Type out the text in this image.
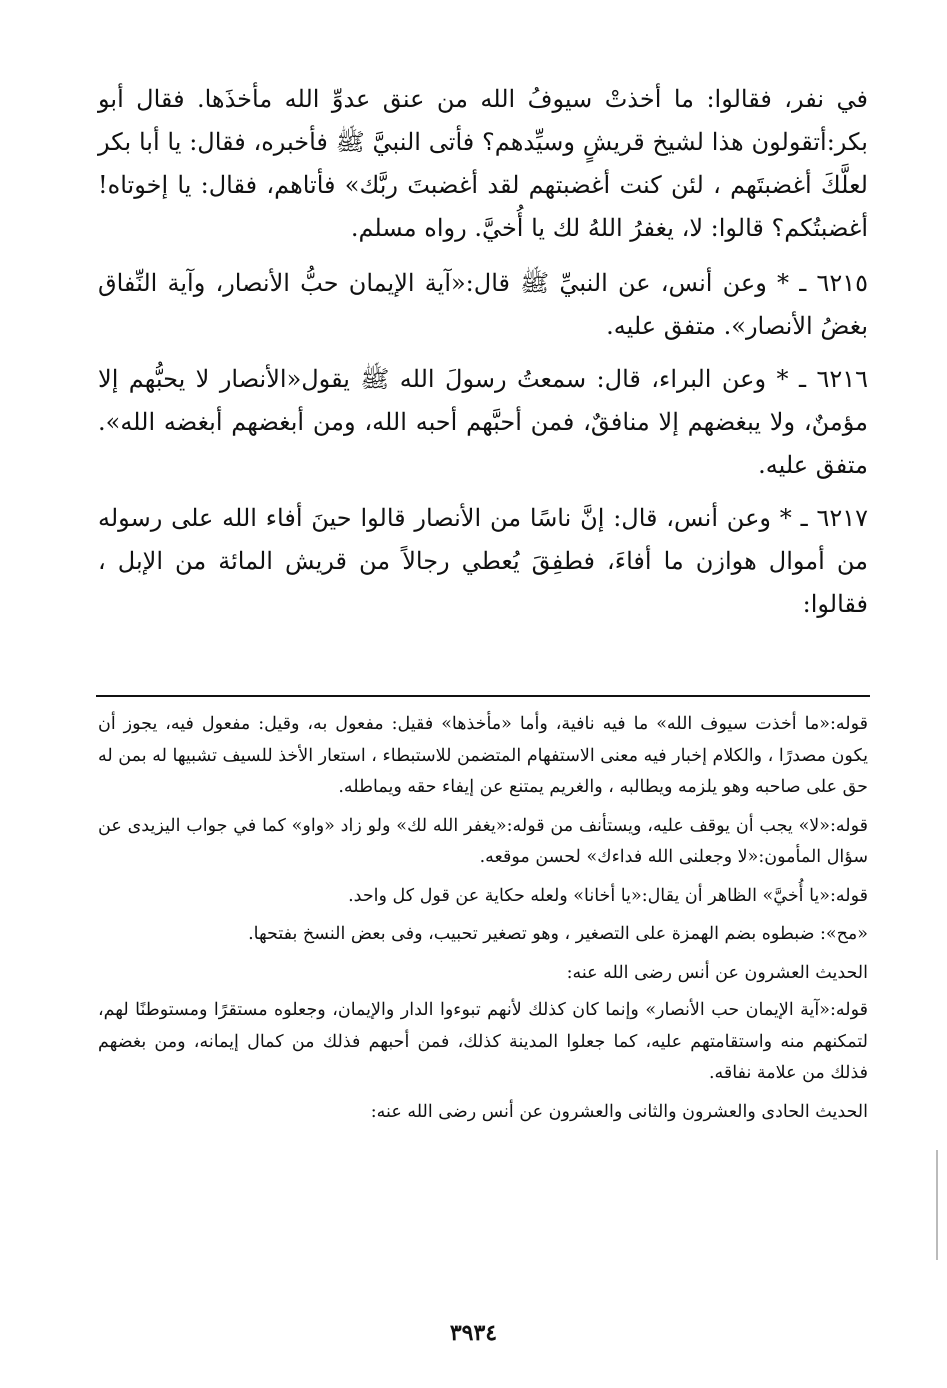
في نفر، فقالوا: ما أخذتْ سيوفُ الله من عنق عدوِّ الله مأخذَها. فقال أبو بكر:أتقولون هذا لشيخ قريشٍ وسيِّدهم؟ فأتى النبيَّ ﷺ فأخبره، فقال: يا أبا بكر لعلَّكَ أغضبتَهم ، لئن كنت أغضبتهم لقد أغضبتَ ربَّك» فأتاهم، فقال: يا إخوتاه! أغضبتُكم؟ قالوا: لا، يغفرُ اللهُ لك يا أُخيَّ. رواه مسلم.

٦٢١٥ ـ * وعن أنس، عن النبيِّ ﷺ قال:«آية الإيمان حبُّ الأنصار، وآية النِّفاق بغضُ الأنصار». متفق عليه.

٦٢١٦ ـ * وعن البراء، قال: سمعتُ رسولَ الله ﷺ يقول«الأنصار لا يحبُّهم إلا مؤمنٌ، ولا يبغضهم إلا منافقٌ، فمن أحبَّهم أحبه الله، ومن أبغضهم أبغضه الله». متفق عليه.

٦٢١٧ ـ * وعن أنس، قال: إنَّ ناسًا من الأنصار قالوا حينَ أفاء الله على رسوله من أموال هوازن ما أفاءَ، فطفِقَ يُعطي رجالاً من قريش المائة من الإبل ، فقالوا:

قوله:«ما أخذت سيوف الله» ما فيه نافية، وأما «مأخذها» فقيل: مفعول به، وقيل: مفعول فيه، يجوز أن يكون مصدرًا ، والكلام إخبار فيه معنى الاستفهام المتضمن للاستبطاء ، استعار الأخذ للسيف تشبيها له بمن له حق على صاحبه وهو يلزمه ويطالبه ، والغريم يمتنع عن إيفاء حقه ويماطله.

قوله:«لا» يجب أن يوقف عليه، ويستأنف من قوله:«يغفر الله لك» ولو زاد «واو» كما في جواب اليزيدى عن سؤال المأمون:«لا وجعلنى الله فداءك» لحسن موقعه.

قوله:«يا أُخيَّ» الظاهر أن يقال:«يا أخانا» ولعله حكاية عن قول كل واحد.

«مح»: ضبطوه بضم الهمزة على التصغير ، وهو تصغير تحبيب، وفى بعض النسخ بفتحها.

الحديث العشرون عن أنس رضى الله عنه:

قوله:«آية الإيمان حب الأنصار» وإنما كان كذلك لأنهم تبوءوا الدار والإيمان، وجعلوه مستقرًا ومستوطنًا لهم، لتمكنهم منه واستقامتهم عليه، كما جعلوا المدينة كذلك، فمن أحبهم فذلك من كمال إيمانه، ومن بغضهم فذلك من علامة نفاقه.

الحديث الحادى والعشرون والثانى والعشرون عن أنس رضى الله عنه:

٣٩٣٤
